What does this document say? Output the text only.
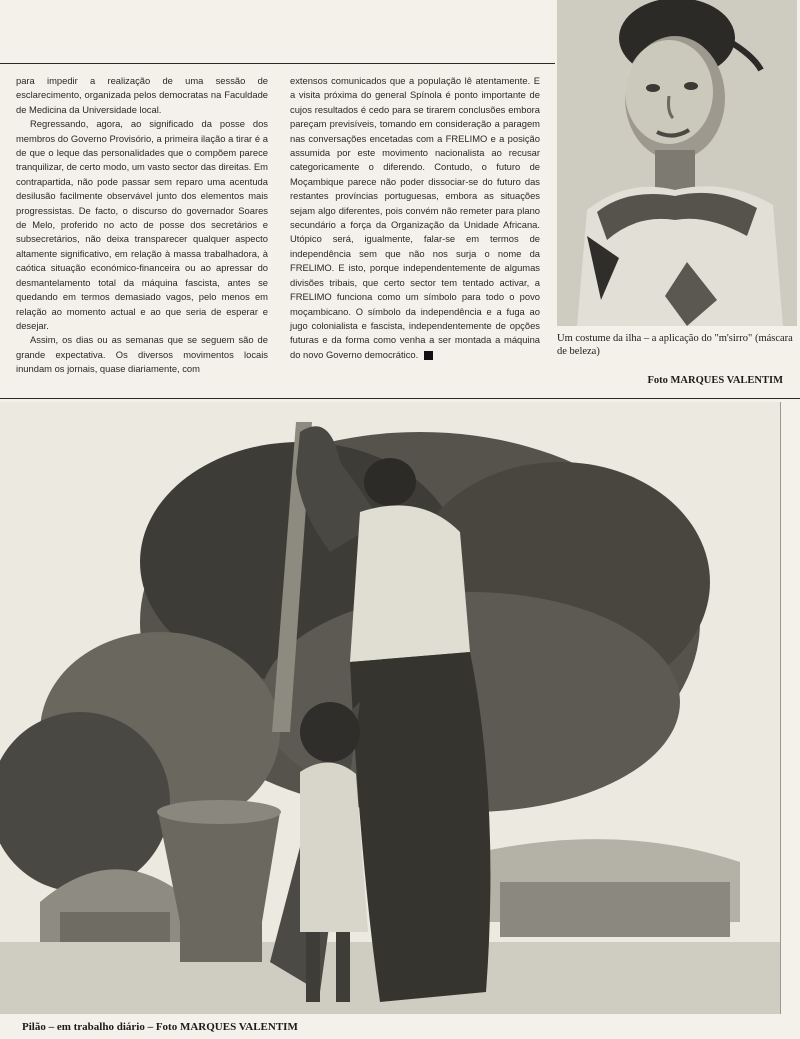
para impedir a realização de uma sessão de esclarecimento, organizada pelos democratas na Faculdade de Medicina da Universidade local.

Regressando, agora, ao significado da posse dos membros do Governo Provisório, a primeira ilação a tirar é a de que o leque das personalidades que o compõem parece tranquilizar, de certo modo, um vasto sector das direitas. Em contrapartida, não pode passar sem reparo uma acentuda desilusão facilmente observável junto dos elementos mais progressistas. De facto, o discurso do governador Soares de Melo, proferido no acto de posse dos secretários e subsecretários, não deixa transparecer qualquer aspecto altamente significativo, em relação à massa trabalhadora, à caótica situação económico-financeira ou ao apressar do desmantelamento total da máquina fascista, antes se quedando em termos demasiado vagos, pelo menos em relação ao momento actual e ao que seria de esperar e desejar.

Assim, os dias ou as semanas que se seguem são de grande expectativa. Os diversos movimentos locais inundam os jornais, quase diariamente, com

extensos comunicados que a população lê atentamente. E a visita próxima do general Spínola é ponto importante de cujos resultados é cedo para se tirarem conclusões embora pareçam previsíveis, tomando em consideração a paragem nas conversações encetadas com a FRELIMO e a posição assumida por este movimento nacionalista ao recusar categoricamente o diferendo. Contudo, o futuro de Moçambique parece não poder dissociar-se do futuro das restantes províncias portuguesas, embora as situações sejam algo diferentes, pois convém não remeter para plano secundário a força da Organização da Unidade Africana. Utópico será, igualmente, falar-se em termos de independência sem que não nos surja o nome da FRELIMO. E isto, porque independentemente de algumas divisões tribais, que certo sector tem tentado activar, a FRELIMO funciona como um símbolo para todo o povo moçambicano. O símbolo da independência e a fuga ao jugo colonialista e fascista, independentemente de opções futuras e da forma como venha a ser montada a máquina do novo Governo democrático.

Um costume da ilha – a aplicação do "m'sirro" (máscara de beleza)
Foto MARQUES VALENTIM
Pilão – em trabalho diário – Foto MARQUES VALENTIM
